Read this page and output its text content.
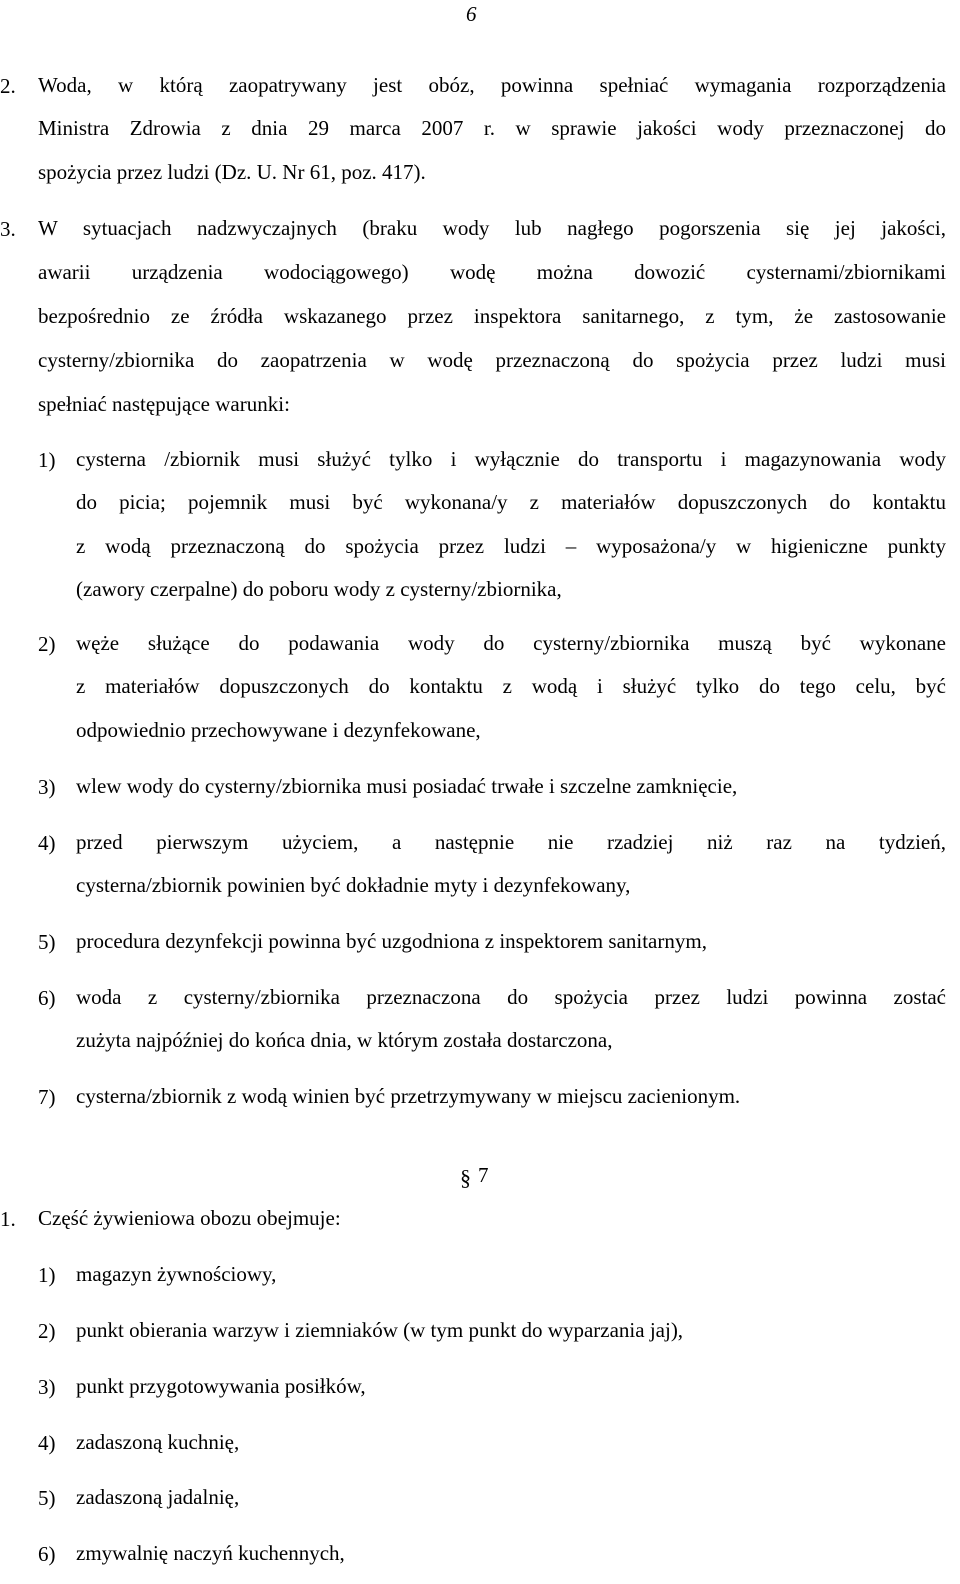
6
2. Woda, w którą zaopatrywany jest obóz, powinna spełniać wymagania rozporządzenia
Ministra Zdrowia z dnia 29 marca 2007 r. w sprawie jakości wody przeznaczonej do
spożycia przez ludzi (Dz. U. Nr 61, poz. 417).
3. W sytuacjach nadzwyczajnych (braku wody lub nagłego pogorszenia się jej jakości,
awarii urządzenia wodociągowego) wodę można dowozić cysternami/zbiornikami
bezpośrednio ze źródła wskazanego przez inspektora sanitarnego, z tym, że zastosowanie
cysterny/zbiornika do zaopatrzenia w wodę przeznaczoną do spożycia przez ludzi musi
spełniać następujące warunki:
1) cysterna /zbiornik musi służyć tylko i wyłącznie do transportu i magazynowania wody
do picia; pojemnik musi być wykonana/y z materiałów dopuszczonych do kontaktu
z wodą przeznaczoną do spożycia przez ludzi – wyposażona/y w higieniczne punkty
(zawory czerpalne) do poboru wody z cysterny/zbiornika,
2) węże służące do podawania wody do cysterny/zbiornika muszą być wykonane
z materiałów dopuszczonych do kontaktu z wodą i służyć tylko do tego celu, być
odpowiednio przechowywane i dezynfekowane,
3) wlew wody do cysterny/zbiornika musi posiadać trwałe i szczelne zamknięcie,
4) przed pierwszym użyciem, a następnie nie rzadziej niż raz na tydzień,
cysterna/zbiornik powinien być dokładnie myty i dezynfekowany,
5) procedura dezynfekcji powinna być uzgodniona z inspektorem sanitarnym,
6) woda z cysterny/zbiornika przeznaczona do spożycia przez ludzi powinna zostać
zużyta najpóźniej do końca dnia, w którym została dostarczona,
7) cysterna/zbiornik z wodą winien być przetrzymywany w miejscu zacienionym.
§ 7
1. Część żywieniowa obozu obejmuje:
1) magazyn żywnościowy,
2) punkt obierania warzyw i ziemniaków (w tym punkt do wyparzania jaj),
3) punkt przygotowywania posiłków,
4) zadaszoną kuchnię,
5) zadaszoną jadalnię,
6) zmywalnię naczyń kuchennych,
